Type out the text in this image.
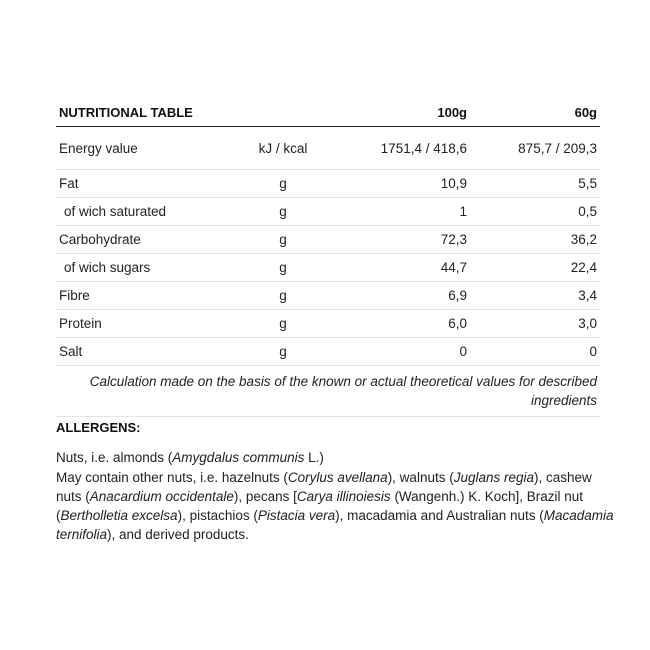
NUTRITIONAL TABLE		100g	60g
Energy value	kJ / kcal	1751,4 / 418,6	875,7 / 209,3
Fat	g	10,9	5,5
of wich saturated	g	1	0,5
Carbohydrate	g	72,3	36,2
of wich sugars	g	44,7	22,4
Fibre	g	6,9	3,4
Protein	g	6,0	3,0
Salt	g	0	0
Calculation made on the basis of the known or actual theoretical values for described ingredients			
ALLERGENS:

Nuts, i.e. almonds (Amygdalus communis L.)

May contain other nuts, i.e. hazelnuts (Corylus avellana), walnuts (Juglans regia), cashew nuts (Anacardium occidentale), pecans [Carya illinoiesis (Wangenh.) K. Koch], Brazil nut (Bertholletia excelsa), pistachios (Pistacia vera), macadamia and Australian nuts (Macadamia ternifolia), and derived products.
